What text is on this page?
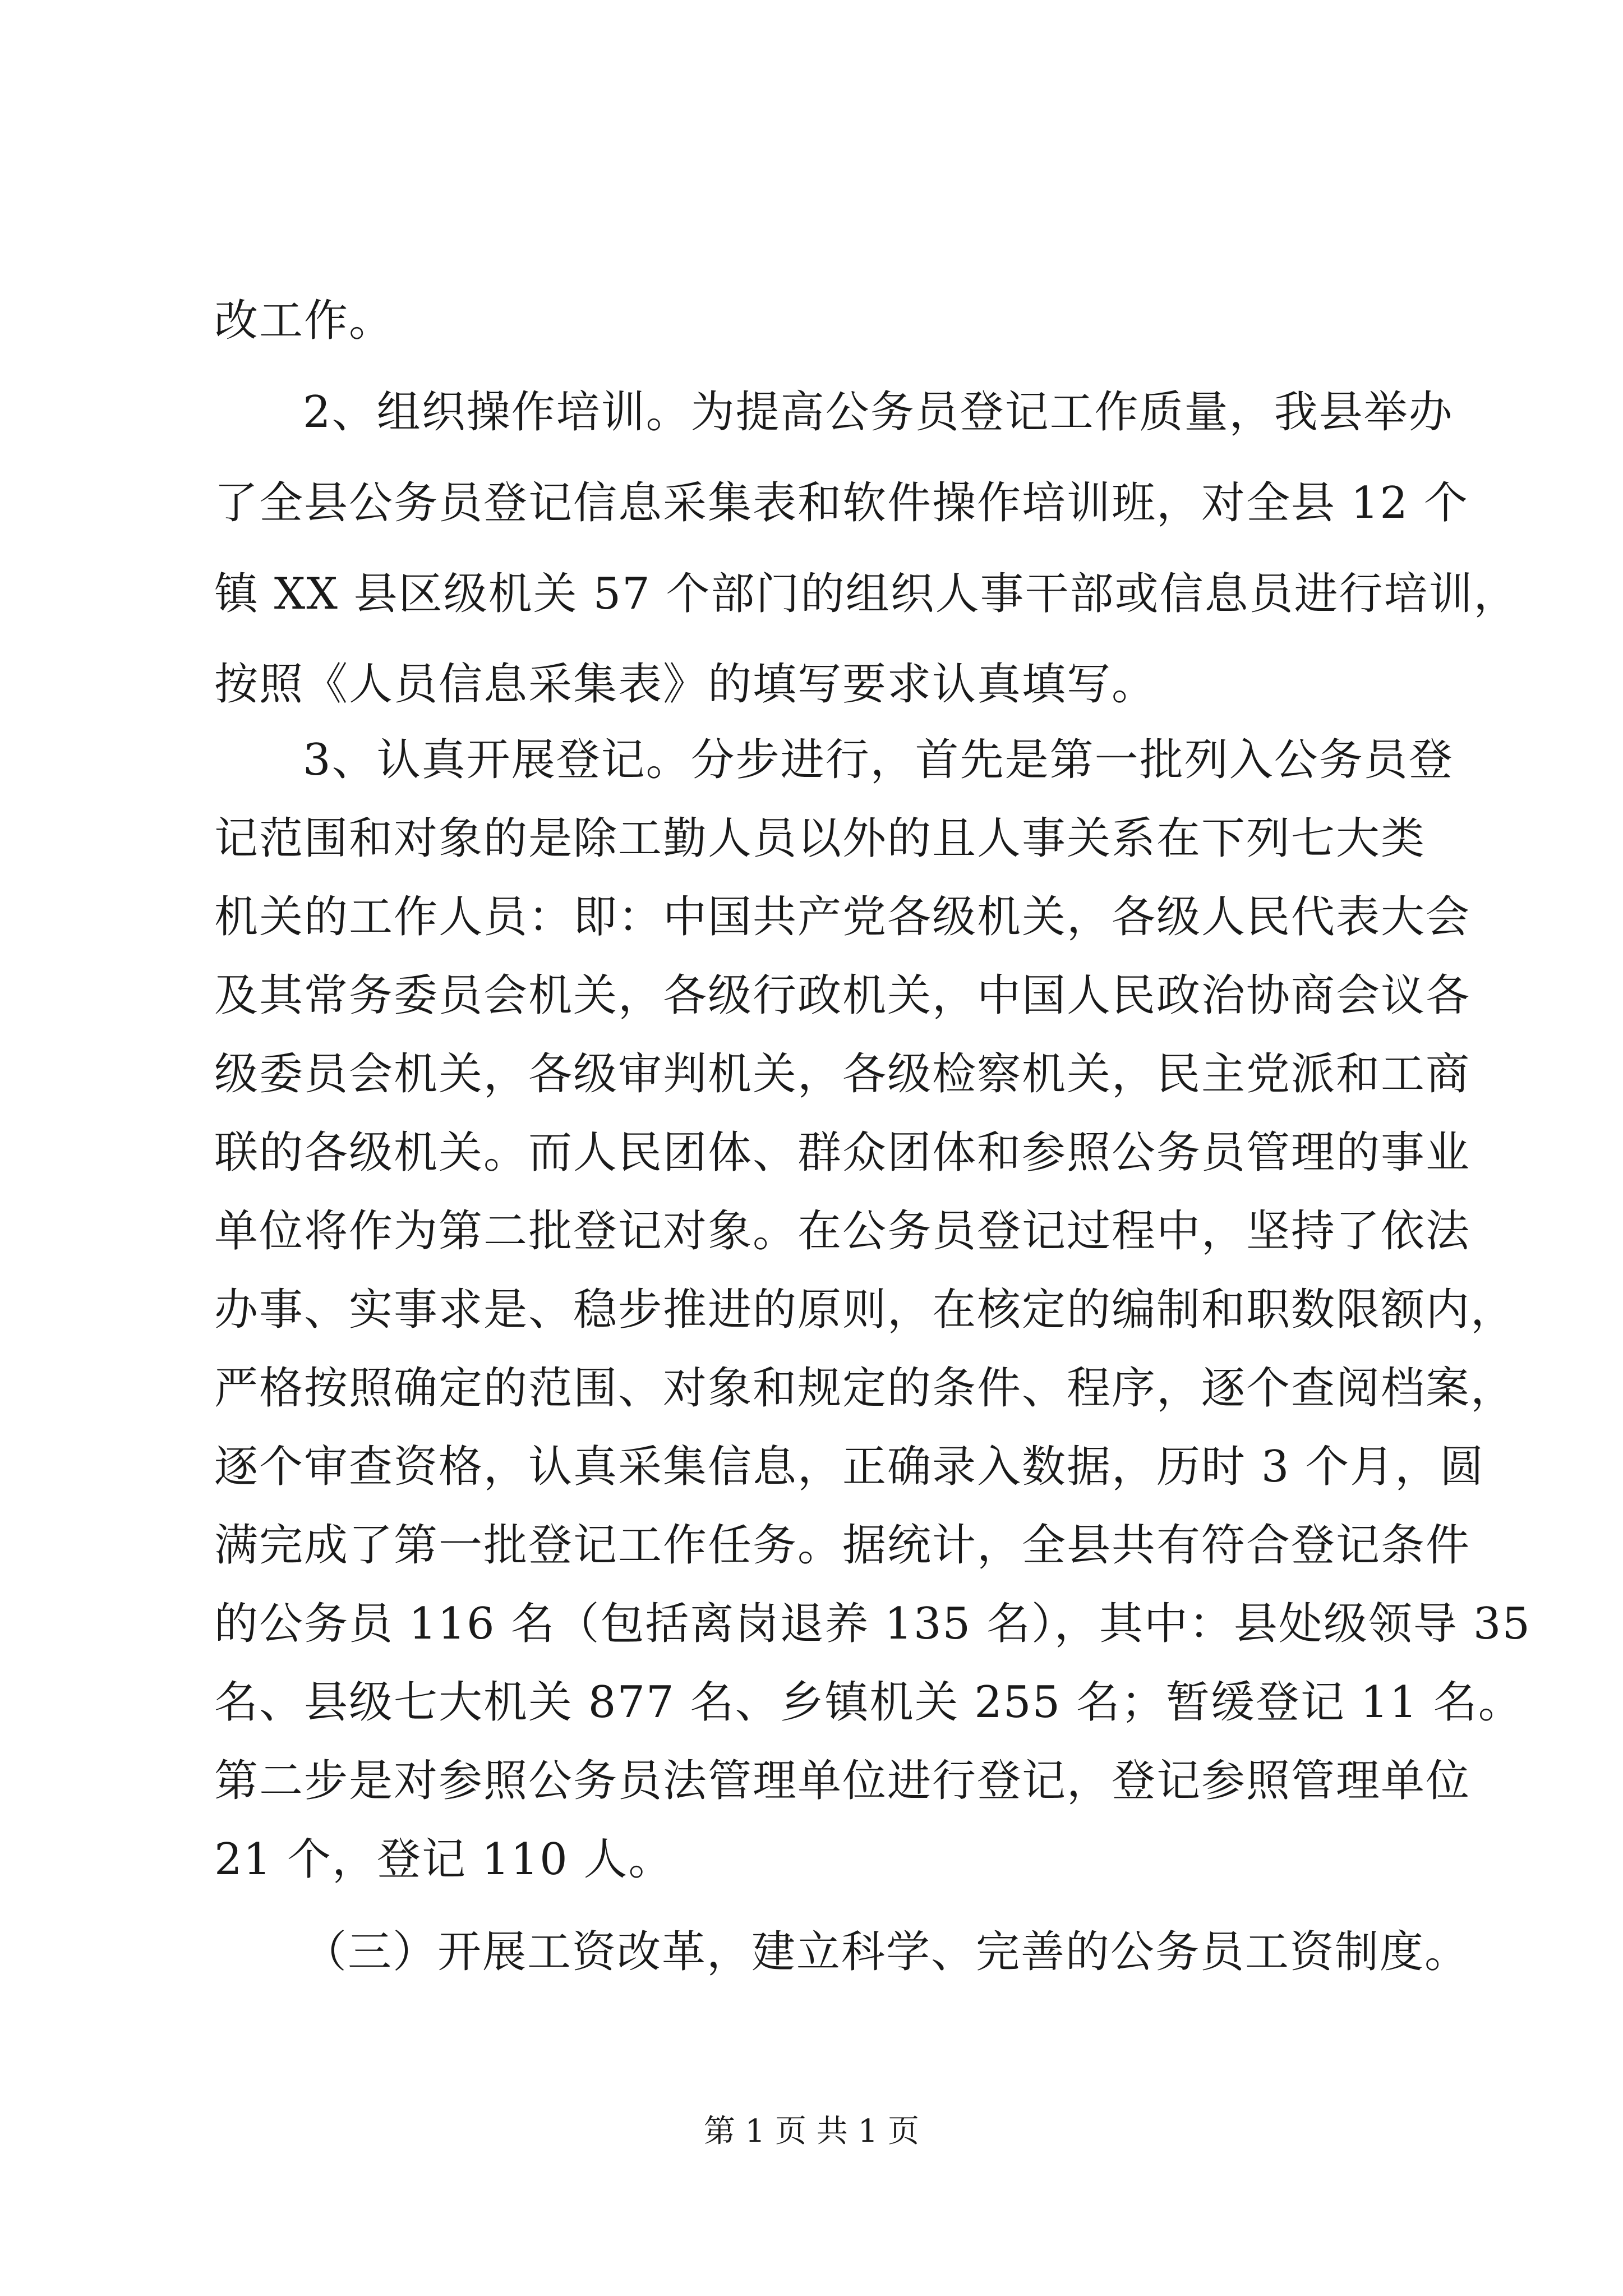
改工作。
2、组织操作培训。为提高公务员登记工作质量，我县举办
了全县公务员登记信息采集表和软件操作培训班，对全县 12 个
镇 XX 县区级机关 57 个部门的组织人事干部或信息员进行培训，
按照《人员信息采集表》的填写要求认真填写。
3、认真开展登记。分步进行，首先是第一批列入公务员登
记范围和对象的是除工勤人员以外的且人事关系在下列七大类
机关的工作人员：即：中国共产党各级机关，各级人民代表大会
及其常务委员会机关，各级行政机关，中国人民政治协商会议各
级委员会机关，各级审判机关，各级检察机关，民主党派和工商
联的各级机关。而人民团体、群众团体和参照公务员管理的事业
单位将作为第二批登记对象。在公务员登记过程中，坚持了依法
办事、实事求是、稳步推进的原则，在核定的编制和职数限额内，
严格按照确定的范围、对象和规定的条件、程序，逐个查阅档案，
逐个审查资格，认真采集信息，正确录入数据，历时 3 个月，圆
满完成了第一批登记工作任务。据统计，全县共有符合登记条件
的公务员 116 名（包括离岗退养 135 名），其中：县处级领导 35
名、县级七大机关 877 名、乡镇机关 255 名；暂缓登记 11 名。
第二步是对参照公务员法管理单位进行登记，登记参照管理单位
21 个，登记 110 人。
（三）开展工资改革，建立科学、完善的公务员工资制度。
第 1 页 共 1 页
